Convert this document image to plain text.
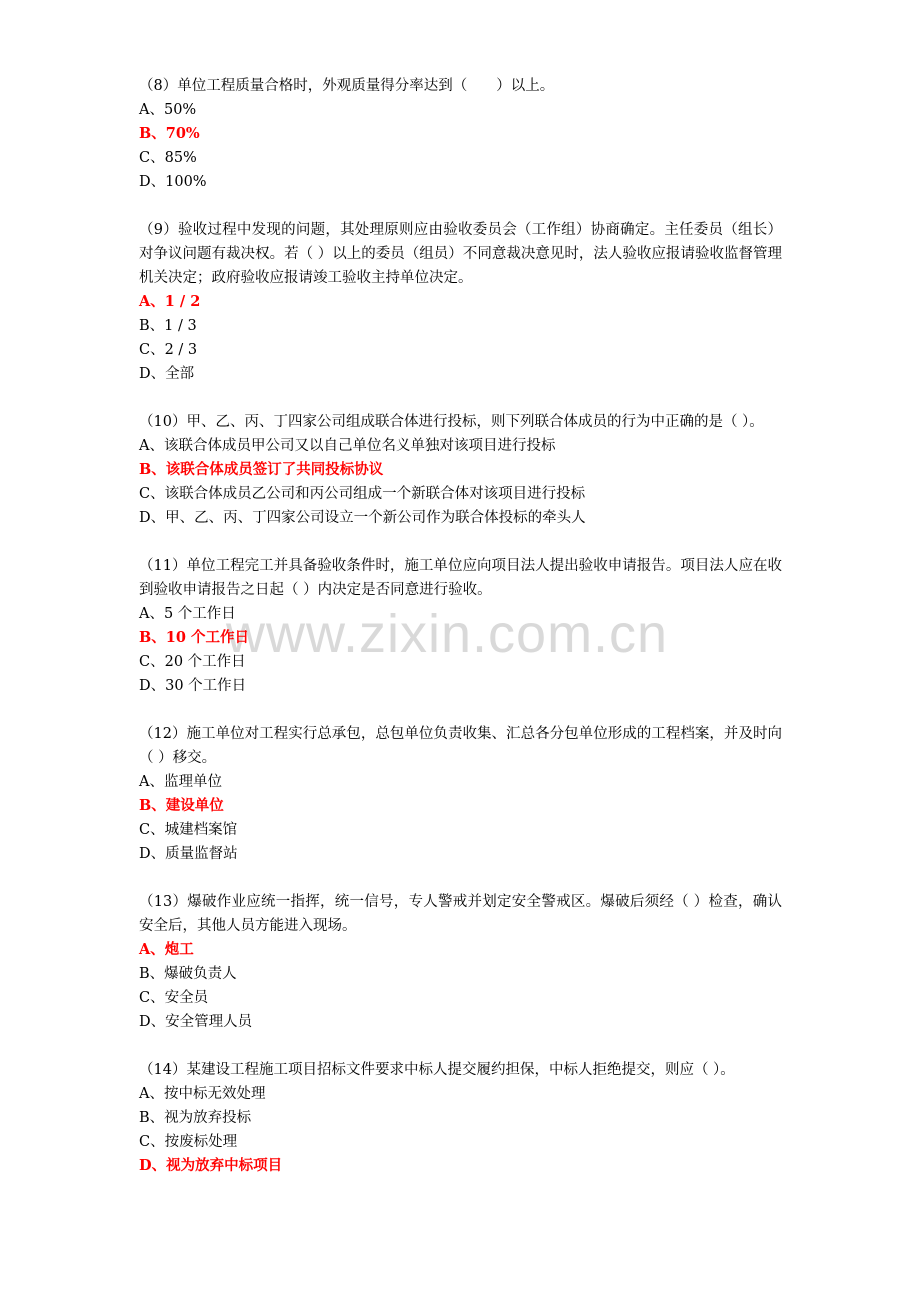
www.zixin.com.cn
（8）单位工程质量合格时，外观质量得分率达到（　　）以上。
A、50%
B、70%
C、85%
D、100%
（9）验收过程中发现的问题，其处理原则应由验收委员会（工作组）协商确定。主任委员（组长）对争议问题有裁决权。若（ ）以上的委员（组员）不同意裁决意见时，法人验收应报请验收监督管理机关决定；政府验收应报请竣工验收主持单位决定。
A、1 / 2
B、1 / 3
C、2 / 3
D、全部
（10）甲、乙、丙、丁四家公司组成联合体进行投标，则下列联合体成员的行为中正确的是（ ）。
A、该联合体成员甲公司又以自己单位名义单独对该项目进行投标
B、该联合体成员签订了共同投标协议
C、该联合体成员乙公司和丙公司组成一个新联合体对该项目进行投标
D、甲、乙、丙、丁四家公司设立一个新公司作为联合体投标的牵头人
（11）单位工程完工并具备验收条件时，施工单位应向项目法人提出验收申请报告。项目法人应在收到验收申请报告之日起（ ）内决定是否同意进行验收。
A、5 个工作日
B、10 个工作日
C、20 个工作日
D、30 个工作日
（12）施工单位对工程实行总承包，总包单位负责收集、汇总各分包单位形成的工程档案，并及时向（ ）移交。
A、监理单位
B、建设单位
C、城建档案馆
D、质量监督站
（13）爆破作业应统一指挥，统一信号，专人警戒并划定安全警戒区。爆破后须经（ ）检查，确认安全后，其他人员方能进入现场。
A、炮工
B、爆破负责人
C、安全员
D、安全管理人员
（14）某建设工程施工项目招标文件要求中标人提交履约担保，中标人拒绝提交，则应（ ）。
A、按中标无效处理
B、视为放弃投标
C、按废标处理
D、视为放弃中标项目
